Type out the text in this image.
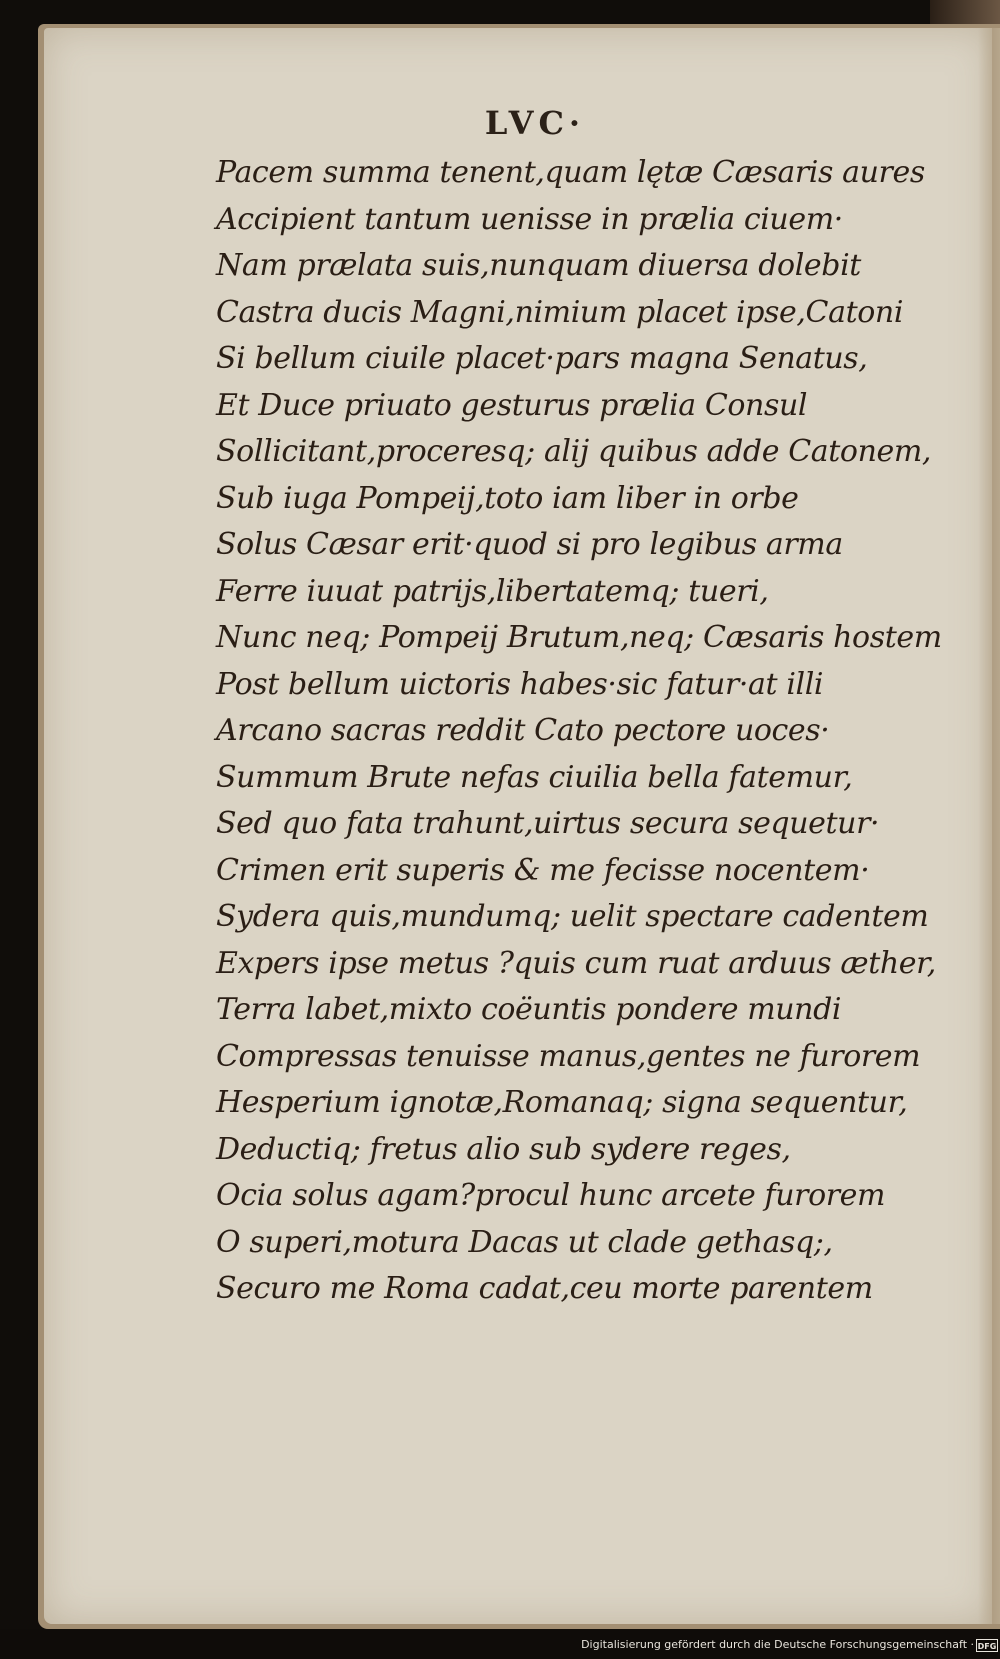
LVC·
Pacem summa tenent,quam lętæ Cæsaris aures
Accipient tantum uenisse in prælia ciuem·
Nam prælata suis,nunquam diuersa dolebit
Castra ducis Magni,nimium placet ipse,Catoni
Si bellum ciuile placet·pars magna Senatus,
Et Duce priuato gesturus prælia Consul
Sollicitant,proceresq; alij quibus adde Catonem,
Sub iuga Pompeij,toto iam liber in orbe
Solus Cæsar erit·quod si pro legibus arma
Ferre iuuat patrijs,libertatemq; tueri,
Nunc neq; Pompeij Brutum,neq; Cæsaris hostem
Post bellum uictoris habes·sic fatur·at illi
Arcano sacras reddit Cato pectore uoces·
Summum Brute nefas ciuilia bella fatemur,
Sed quo fata trahunt,uirtus secura sequetur·
Crimen erit superis & me fecisse nocentem·
Sydera quis,mundumq; uelit spectare cadentem
Expers ipse metus ?quis cum ruat arduus æther,
Terra labet,mixto coëuntis pondere mundi
Compressas tenuisse manus,gentes ne furorem
Hesperium ignotæ,Romanaq; signa sequentur,
Deductiq; fretus alio sub sydere reges,
Ocia solus agam?procul hunc arcete furorem
O superi,motura Dacas ut clade gethasq;,
Securo me Roma cadat,ceu morte parentem
Digitalisierung gefördert durch die Deutsche Forschungsgemeinschaft · DFG
